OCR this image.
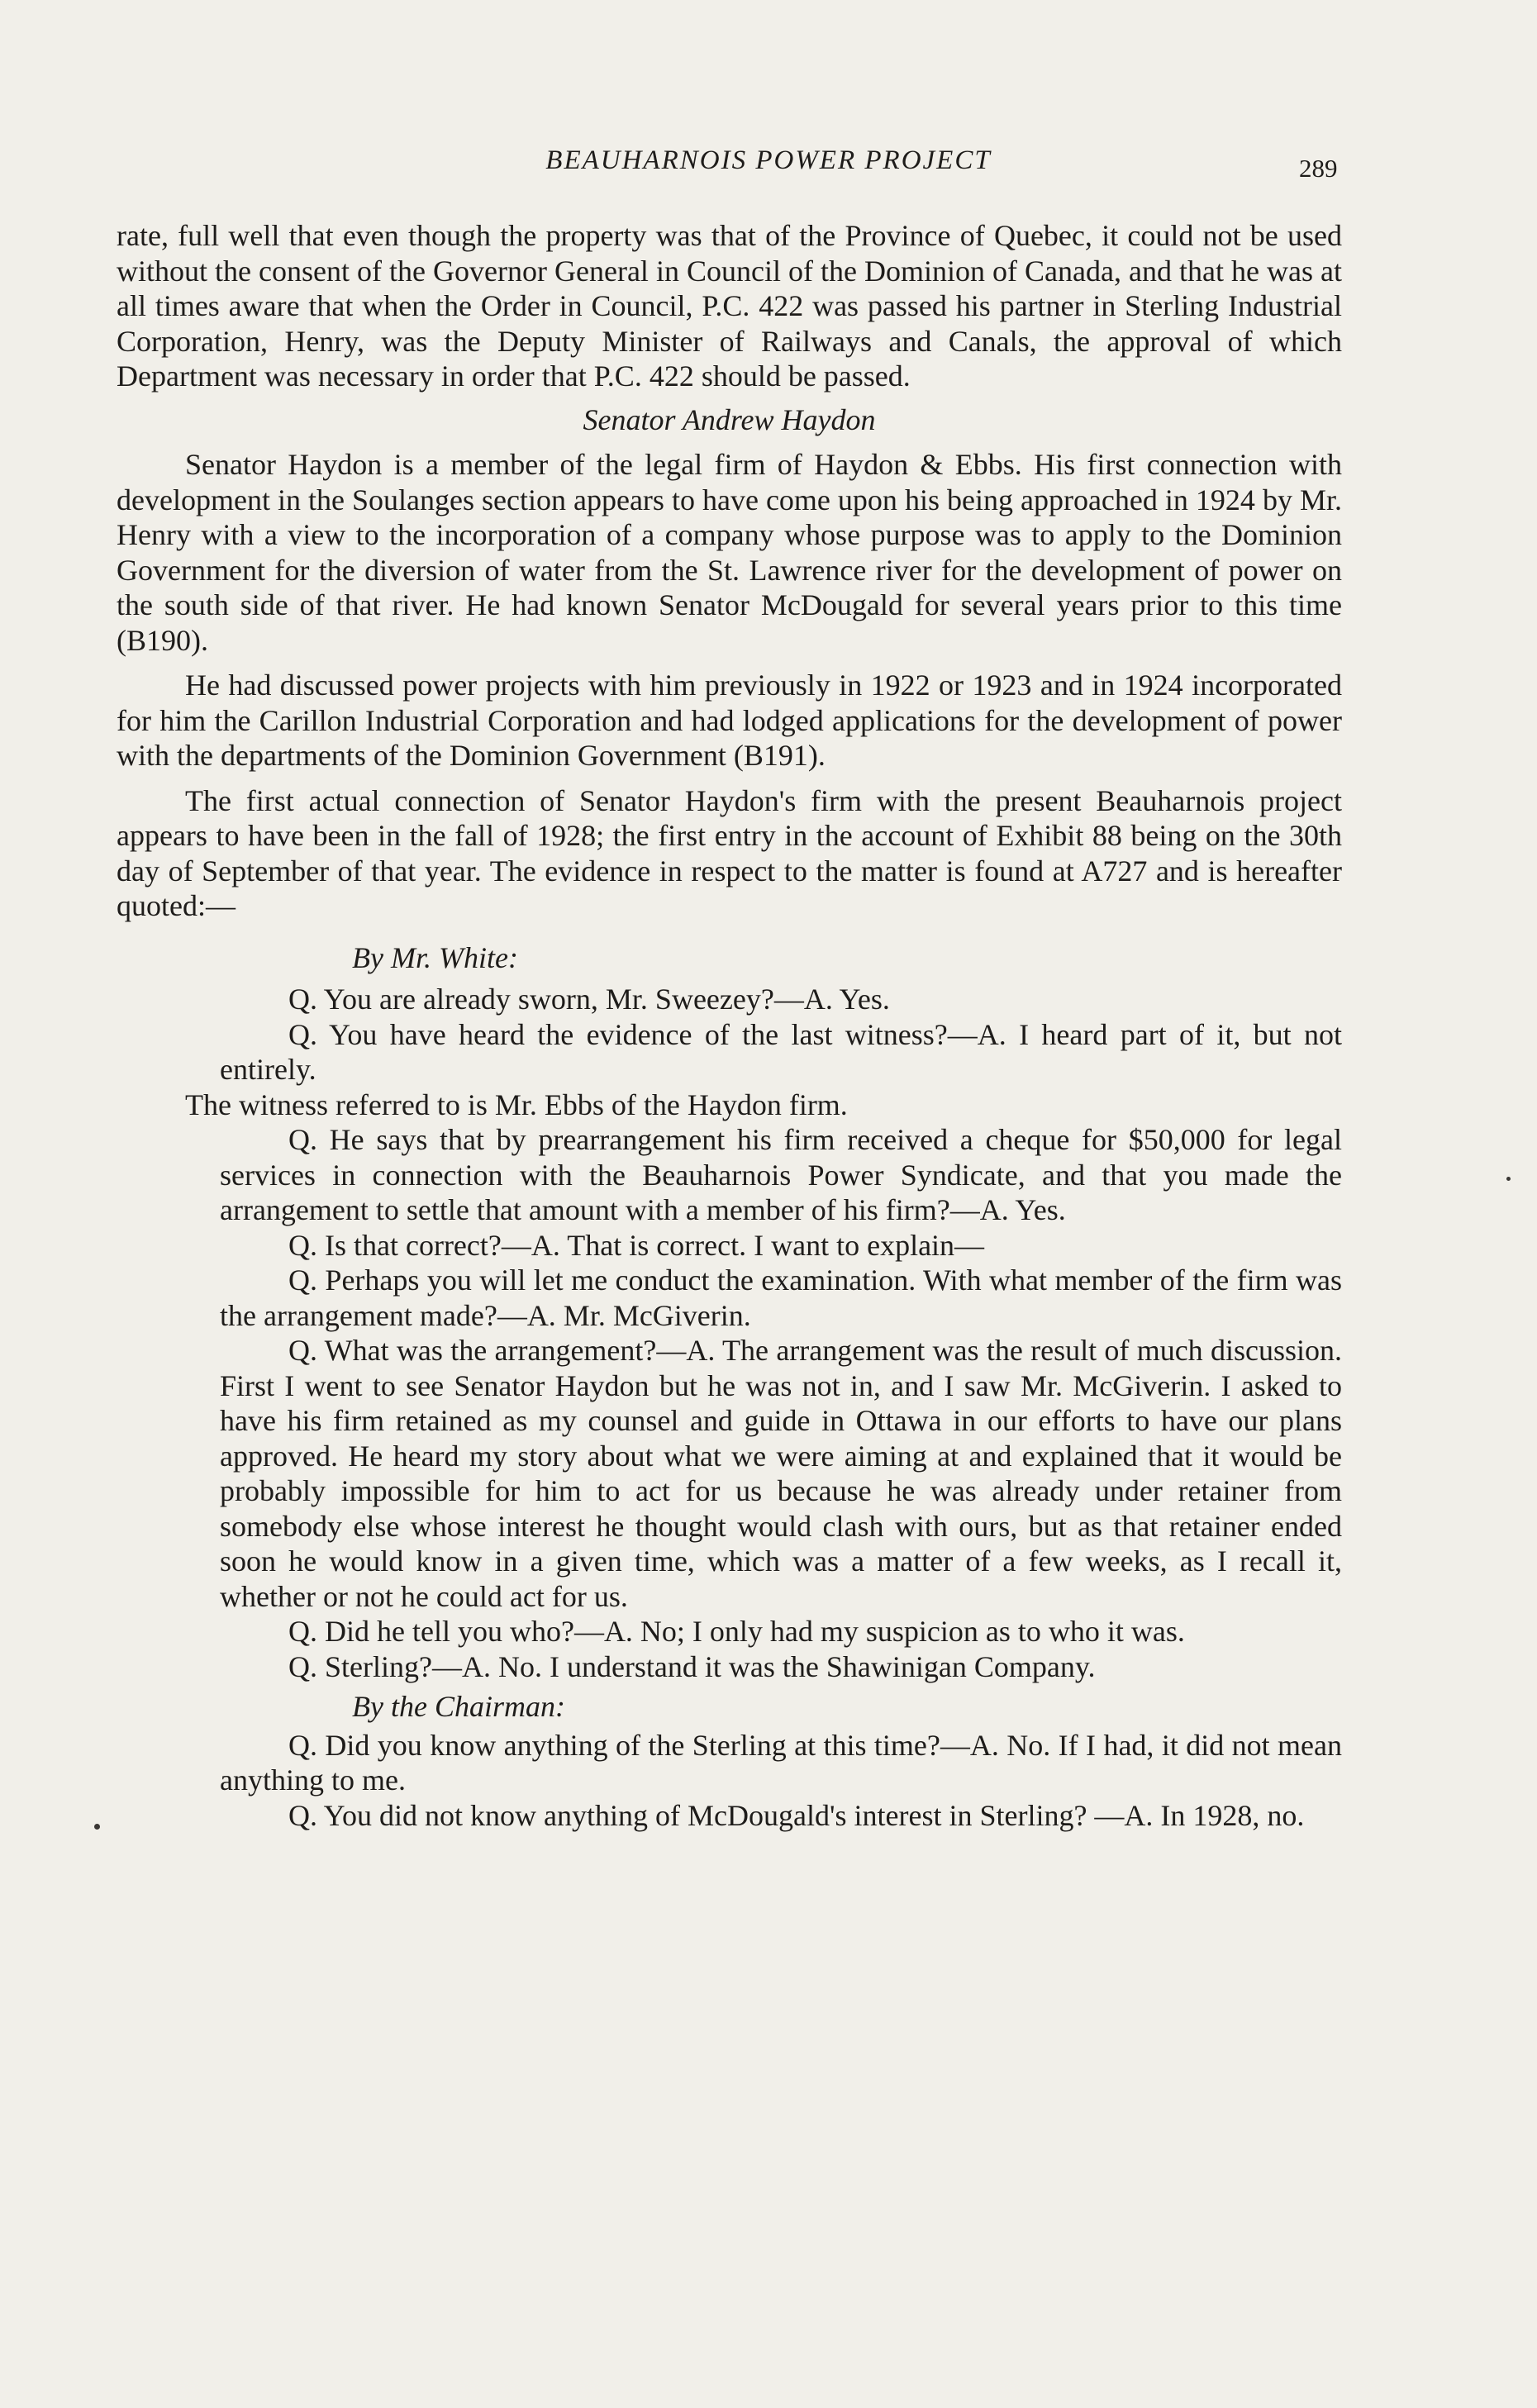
BEAUHARNOIS POWER PROJECT	289

rate, full well that even though the property was that of the Province of Quebec, it could not be used without the consent of the Governor General in Council of the Dominion of Canada, and that he was at all times aware that when the Order in Council, P.C. 422 was passed his partner in Sterling Industrial Corporation, Henry, was the Deputy Minister of Railways and Canals, the approval of which Department was necessary in order that P.C. 422 should be passed.

Senator Andrew Haydon

Senator Haydon is a member of the legal firm of Haydon & Ebbs. His first connection with development in the Soulanges section appears to have come upon his being approached in 1924 by Mr. Henry with a view to the incorporation of a company whose purpose was to apply to the Dominion Government for the diversion of water from the St. Lawrence river for the development of power on the south side of that river. He had known Senator McDougald for several years prior to this time (B190).

He had discussed power projects with him previously in 1922 or 1923 and in 1924 incorporated for him the Carillon Industrial Corporation and had lodged applications for the development of power with the departments of the Dominion Government (B191).

The first actual connection of Senator Haydon's firm with the present Beauharnois project appears to have been in the fall of 1928; the first entry in the account of Exhibit 88 being on the 30th day of September of that year. The evidence in respect to the matter is found at A727 and is hereafter quoted:—

By Mr. White:

Q. You are already sworn, Mr. Sweezey?—A. Yes.

Q. You have heard the evidence of the last witness?—A. I heard part of it, but not entirely.

The witness referred to is Mr. Ebbs of the Haydon firm.

Q. He says that by prearrangement his firm received a cheque for $50,000 for legal services in connection with the Beauharnois Power Syndicate, and that you made the arrangement to settle that amount with a member of his firm?—A. Yes.

Q. Is that correct?—A. That is correct. I want to explain—

Q. Perhaps you will let me conduct the examination. With what member of the firm was the arrangement made?—A. Mr. McGiverin.

Q. What was the arrangement?—A. The arrangement was the result of much discussion. First I went to see Senator Haydon but he was not in, and I saw Mr. McGiverin. I asked to have his firm retained as my counsel and guide in Ottawa in our efforts to have our plans approved. He heard my story about what we were aiming at and explained that it would be probably impossible for him to act for us because he was already under retainer from somebody else whose interest he thought would clash with ours, but as that retainer ended soon he would know in a given time, which was a matter of a few weeks, as I recall it, whether or not he could act for us.

Q. Did he tell you who?—A. No; I only had my suspicion as to who it was.

Q. Sterling?—A. No. I understand it was the Shawinigan Company.

By the Chairman:

Q. Did you know anything of the Sterling at this time?—A. No. If I had, it did not mean anything to me.

Q. You did not know anything of McDougald's interest in Sterling? —A. In 1928, no.
